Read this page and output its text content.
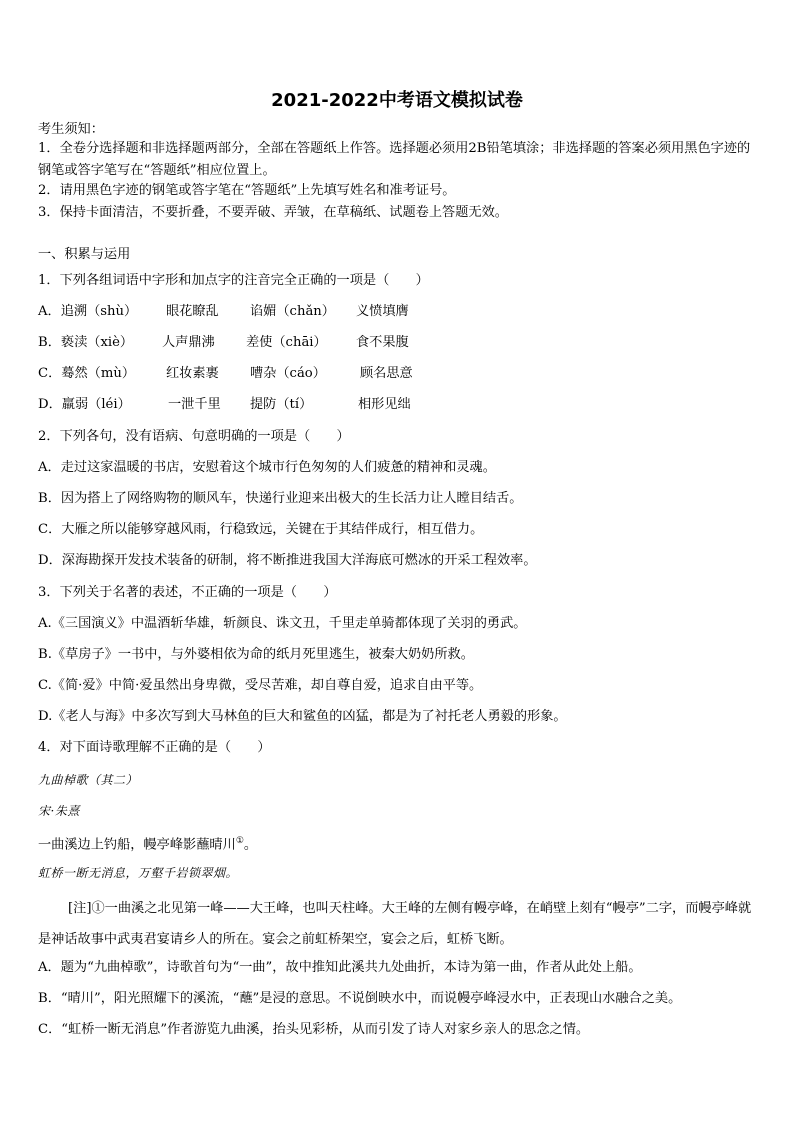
2021-2022中考语文模拟试卷
考生须知：
1．全卷分选择题和非选择题两部分，全部在答题纸上作答。选择题必须用2B铅笔填涂；非选择题的答案必须用黑色字迹的钢笔或答字笔写在“答题纸”相应位置上。
2．请用黑色字迹的钢笔或答字笔在“答题纸”上先填写姓名和准考证号。
3．保持卡面清洁，不要折叠，不要弄破、弄皱，在草稿纸、试题卷上答题无效。
一、积累与运用
1．下列各组词语中字形和加点字的注音完全正确的一项是（　　）
A．追溯（shù） 眼花瞭乱 谄媚（chǎn） 义愤填膺
B．亵渎（xiè） 人声鼎沸 差使（chāi） 食不果腹
C．蓦然（mù） 红妆素裹 嘈杂（cáo）	顾名思意
D．羸弱（léi）	一泄千里 提防（tí）	相形见绌
2．下列各句，没有语病、句意明确的一项是（　　）
A．走过这家温暖的书店，安慰着这个城市行色匆匆的人们疲惫的精神和灵魂。
B．因为搭上了网络购物的顺风车，快递行业迎来出极大的生长活力让人瞠目结舌。
C．大雁之所以能够穿越风雨，行稳致远，关键在于其结伴成行，相互借力。
D．深海勘探开发技术装备的研制，将不断推进我国大洋海底可燃冰的开采工程效率。
3．下列关于名著的表述，不正确的一项是（　　）
A.《三国演义》中温酒斩华雄，斩颜良、诛文丑，千里走单骑都体现了关羽的勇武。
B.《草房子》一书中，与外婆相依为命的纸月死里逃生，被秦大奶奶所救。
C.《简·爱》中简·爱虽然出身卑微，受尽苦难，却自尊自爱，追求自由平等。
D.《老人与海》中多次写到大马林鱼的巨大和鲨鱼的凶猛，都是为了衬托老人勇毅的形象。
4．对下面诗歌理解不正确的是（　　）
九曲棹歌（其二）
宋·朱熹
一曲溪边上钓船，幔亭峰影蘸晴川①。
虹桥一断无消息，万壑千岩锁翠烟。
[注]①一曲溪之北见第一峰——大王峰，也叫天柱峰。大王峰的左侧有幔亭峰，在峭壁上刻有“幔亭”二字，而幔亭峰就是神话故事中武夷君宴请乡人的所在。宴会之前虹桥架空，宴会之后，虹桥飞断。
A．题为“九曲棹歌”，诗歌首句为“一曲”，故中推知此溪共九处曲折，本诗为第一曲，作者从此处上船。
B．“晴川”，阳光照耀下的溪流，“蘸”是浸的意思。不说倒映水中，而说幔亭峰浸水中，正表现山水融合之美。
C．“虹桥一断无消息”作者游览九曲溪，抬头见彩桥，从而引发了诗人对家乡亲人的思念之情。
